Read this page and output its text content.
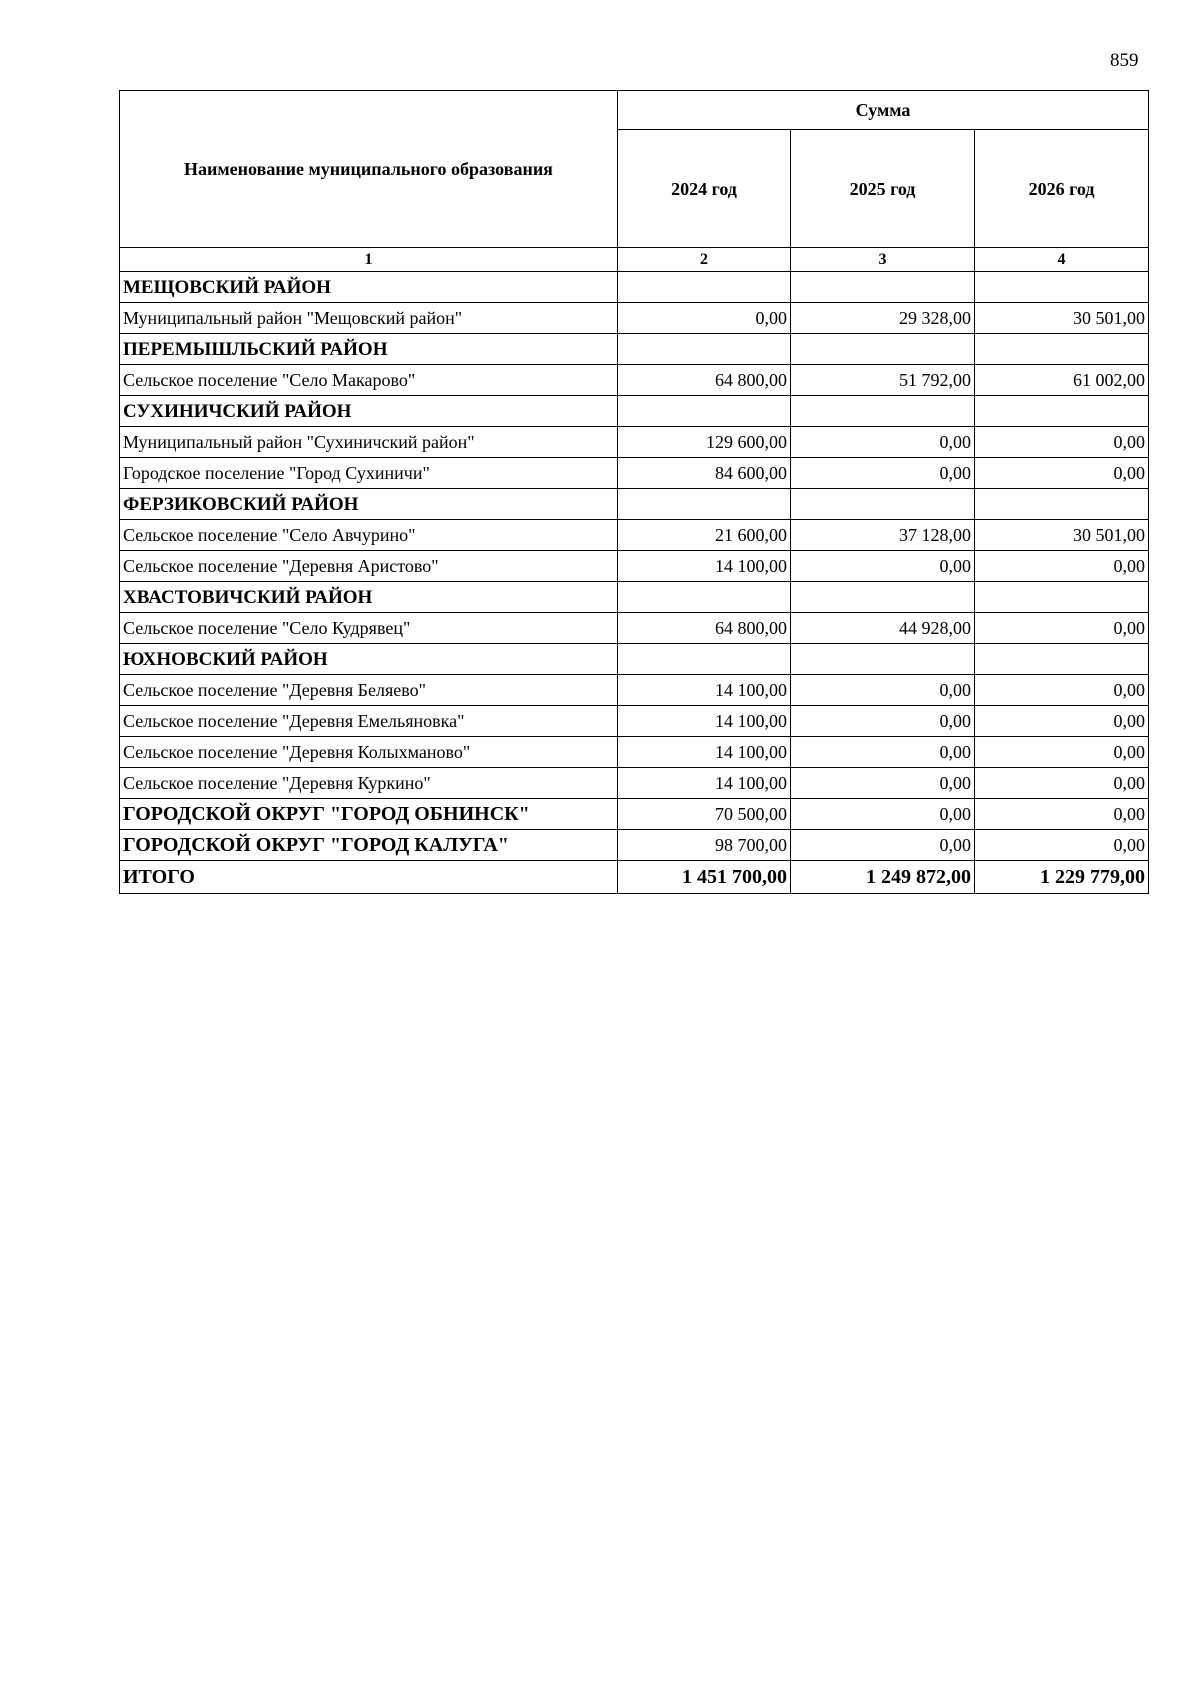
859
Наименование муниципального образования	Сумма		
	2024 год	2025 год	2026 год
1	2	3	4
МЕЩОВСКИЙ РАЙОН			
Муниципальный район "Мещовский район"	0,00	29 328,00	30 501,00
ПЕРЕМЫШЛЬСКИЙ РАЙОН			
Сельское поселение "Село Макарово"	64 800,00	51 792,00	61 002,00
СУХИНИЧСКИЙ РАЙОН			
Муниципальный район "Сухиничский район"	129 600,00	0,00	0,00
Городское поселение "Город Сухиничи"	84 600,00	0,00	0,00
ФЕРЗИКОВСКИЙ РАЙОН			
Сельское поселение "Село Авчурино"	21 600,00	37 128,00	30 501,00
Сельское поселение "Деревня Аристово"	14 100,00	0,00	0,00
ХВАСТОВИЧСКИЙ РАЙОН			
Сельское поселение "Село Кудрявец"	64 800,00	44 928,00	0,00
ЮХНОВСКИЙ РАЙОН			
Сельское поселение "Деревня Беляево"	14 100,00	0,00	0,00
Сельское поселение "Деревня Емельяновка"	14 100,00	0,00	0,00
Сельское поселение "Деревня Колыхманово"	14 100,00	0,00	0,00
Сельское поселение "Деревня Куркино"	14 100,00	0,00	0,00
ГОРОДСКОЙ ОКРУГ "ГОРОД ОБНИНСК"	70 500,00	0,00	0,00
ГОРОДСКОЙ ОКРУГ "ГОРОД КАЛУГА"	98 700,00	0,00	0,00
ИТОГО	1 451 700,00	1 249 872,00	1 229 779,00
